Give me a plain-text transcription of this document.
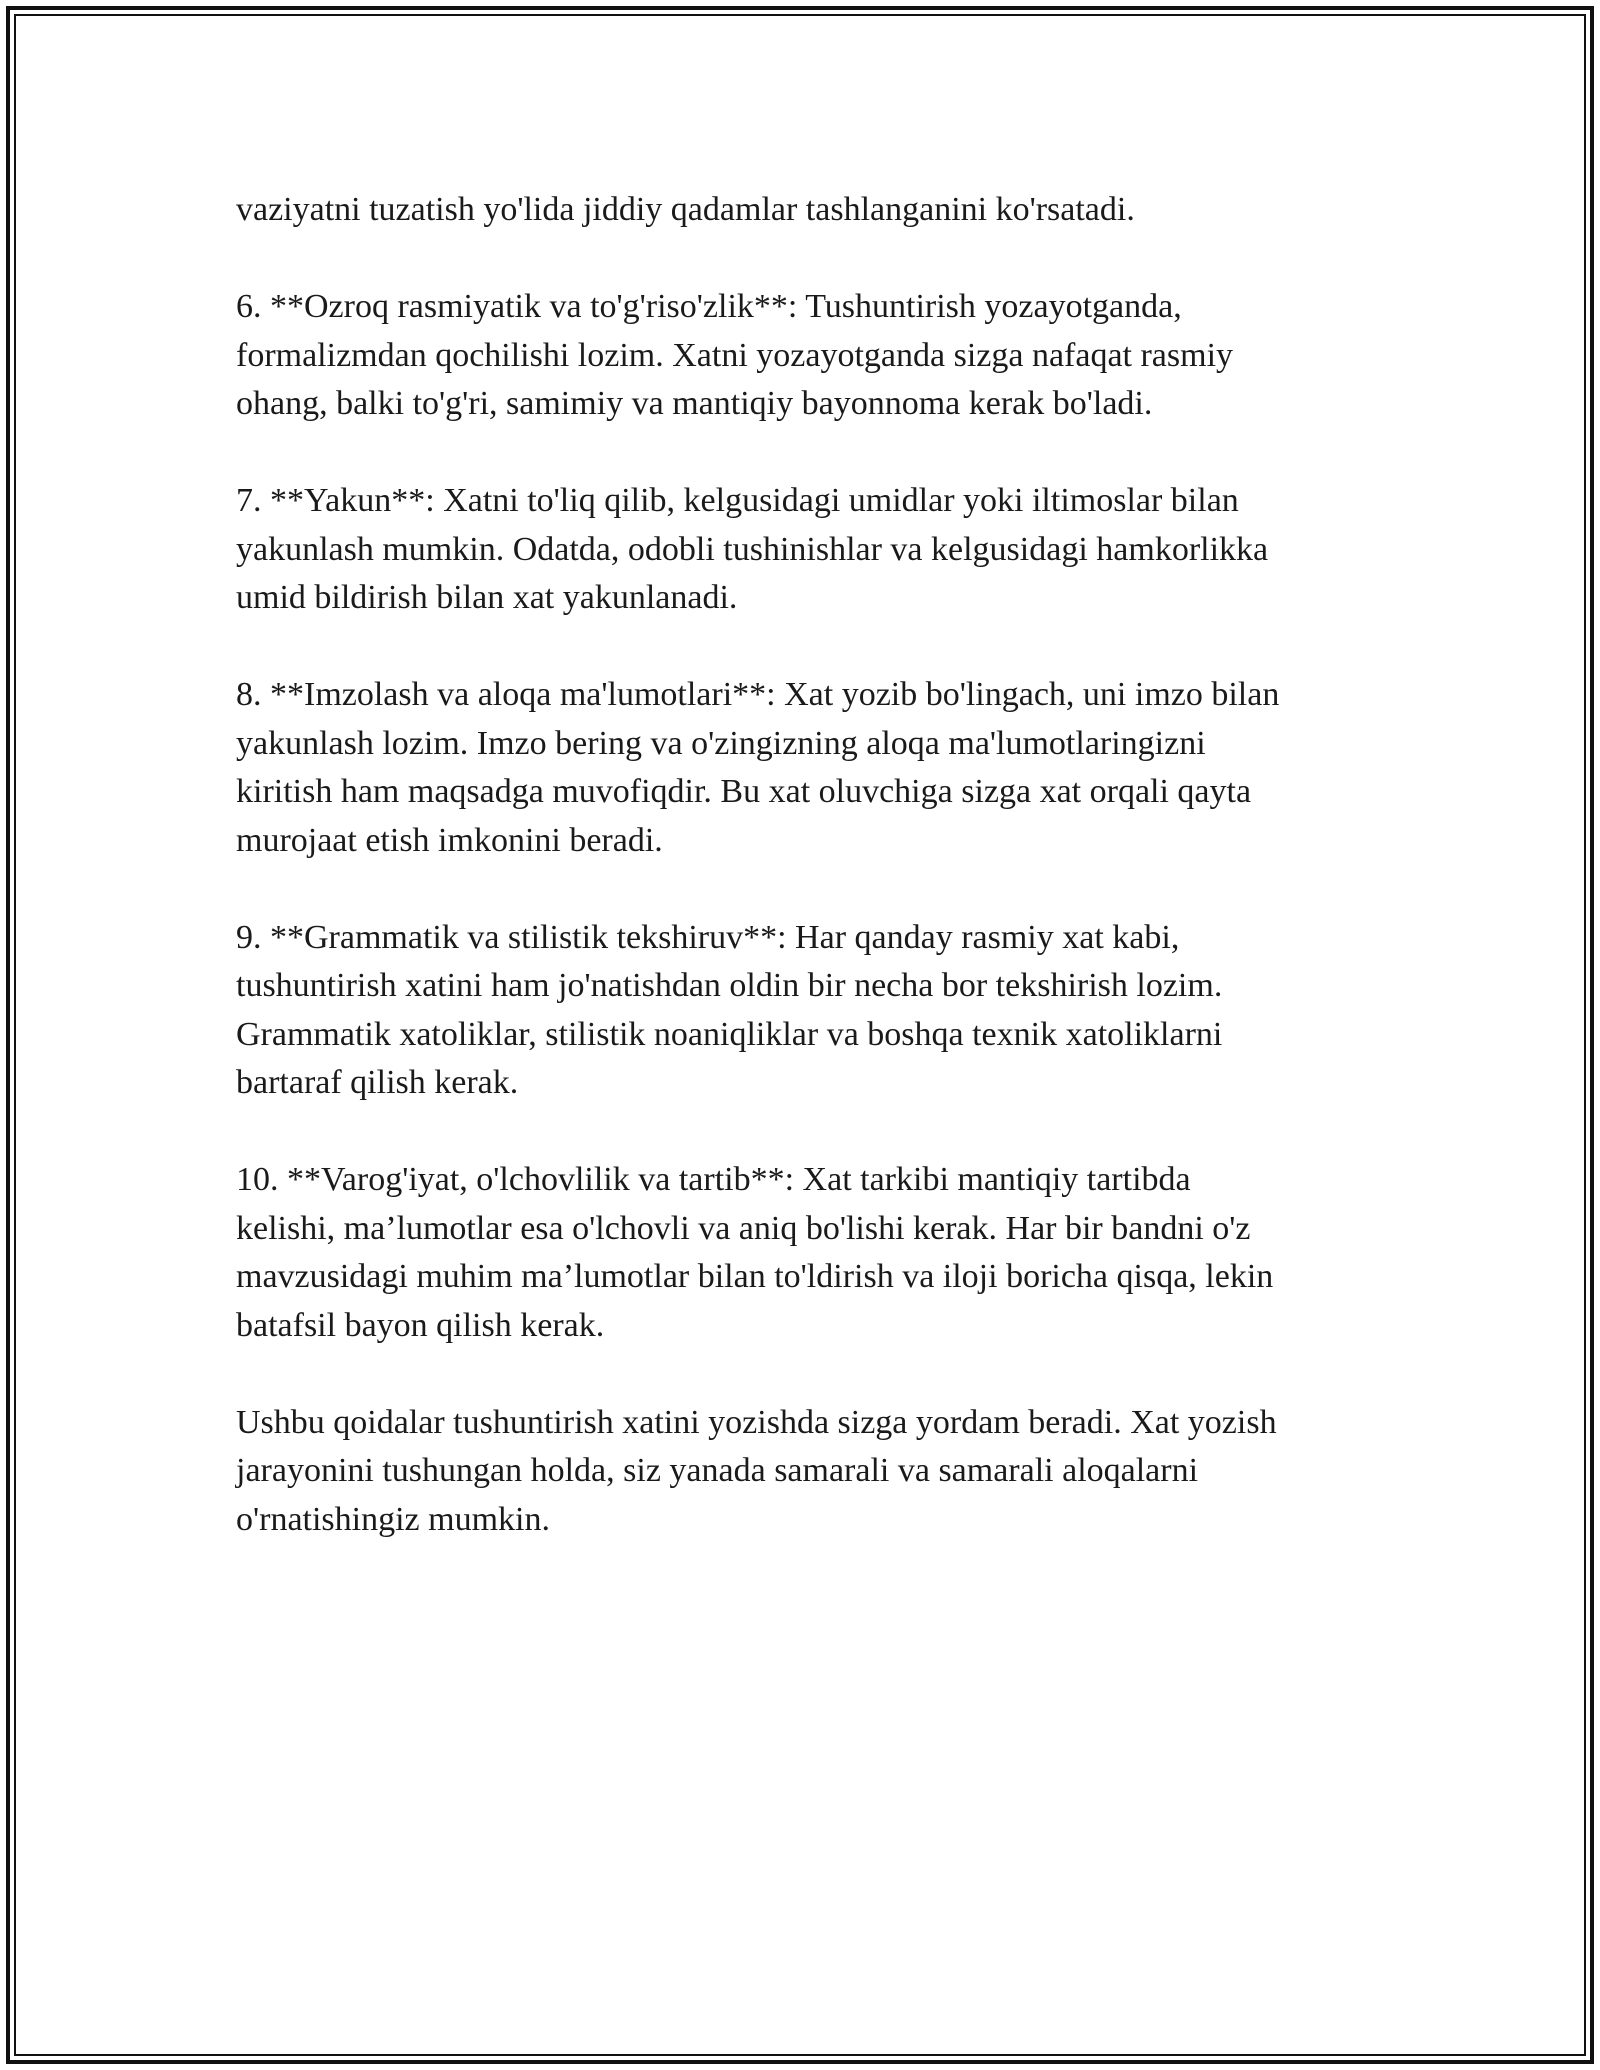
vaziyatni tuzatish yo'lida jiddiy qadamlar tashlanganini ko'rsatadi.

6. **Ozroq rasmiyatik va to'g'riso'zlik**: Tushuntirish yozayotganda,
formalizmdan qochilishi lozim. Xatni yozayotganda sizga nafaqat rasmiy
ohang, balki to'g'ri, samimiy va mantiqiy bayonnoma kerak bo'ladi.

7. **Yakun**: Xatni to'liq qilib, kelgusidagi umidlar yoki iltimoslar bilan
yakunlash mumkin. Odatda, odobli tushinishlar va kelgusidagi hamkorlikka
umid bildirish bilan xat yakunlanadi.

8. **Imzolash va aloqa ma'lumotlari**: Xat yozib bo'lingach, uni imzo bilan
yakunlash lozim. Imzo bering va o'zingizning aloqa ma'lumotlaringizni
kiritish ham maqsadga muvofiqdir. Bu xat oluvchiga sizga xat orqali qayta
murojaat etish imkonini beradi.

9. **Grammatik va stilistik tekshiruv**: Har qanday rasmiy xat kabi,
tushuntirish xatini ham jo'natishdan oldin bir necha bor tekshirish lozim.
Grammatik xatoliklar, stilistik noaniqliklar va boshqa texnik xatoliklarni
bartaraf qilish kerak.

10. **Varog'iyat, o'lchovlilik va tartib**: Xat tarkibi mantiqiy tartibda
kelishi, ma’lumotlar esa o'lchovli va aniq bo'lishi kerak. Har bir bandni o'z
mavzusidagi muhim ma’lumotlar bilan to'ldirish va iloji boricha qisqa, lekin
batafsil bayon qilish kerak.

Ushbu qoidalar tushuntirish xatini yozishda sizga yordam beradi. Xat yozish
jarayonini tushungan holda, siz yanada samarali va samarali aloqalarni
o'rnatishingiz mumkin.
